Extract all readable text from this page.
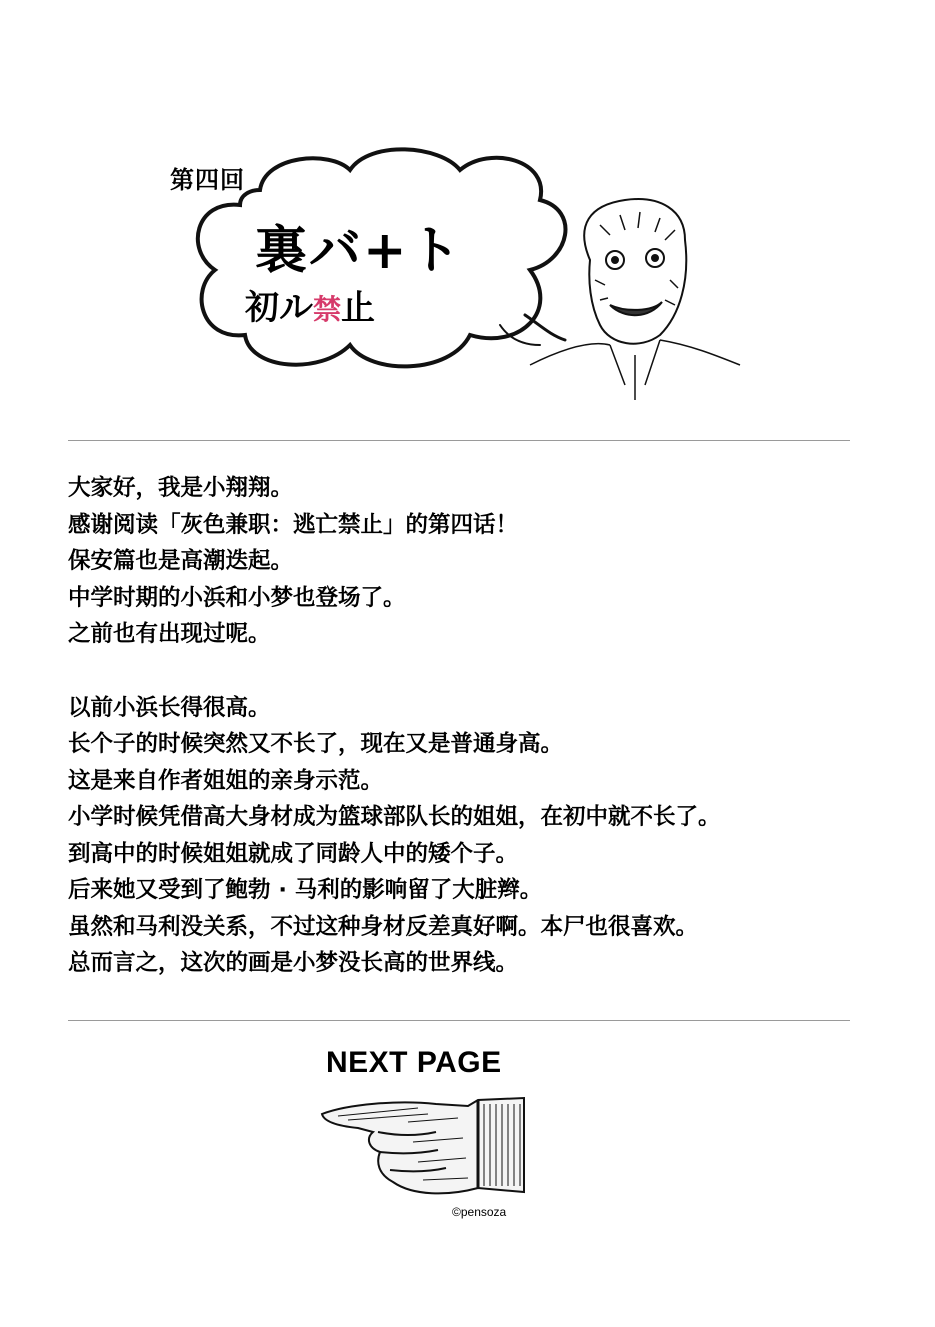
第四回
裏バ+ト
初ル禁止
大家好，我是小翔翔。
感谢阅读「灰色兼职：逃亡禁止」的第四话！
保安篇也是高潮迭起。
中学时期的小浜和小梦也登场了。
之前也有出现过呢。
以前小浜长得很高。
长个子的时候突然又不长了，现在又是普通身高。
这是来自作者姐姐的亲身示范。
小学时候凭借高大身材成为篮球部队长的姐姐，在初中就不长了。
到高中的时候姐姐就成了同龄人中的矮个子。
后来她又受到了鲍勃 · 马利的影响留了大脏辫。
虽然和马利没关系，不过这种身材反差真好啊。本尸也很喜欢。
总而言之，这次的画是小梦没长高的世界线。
NEXT PAGE
©pensoza
